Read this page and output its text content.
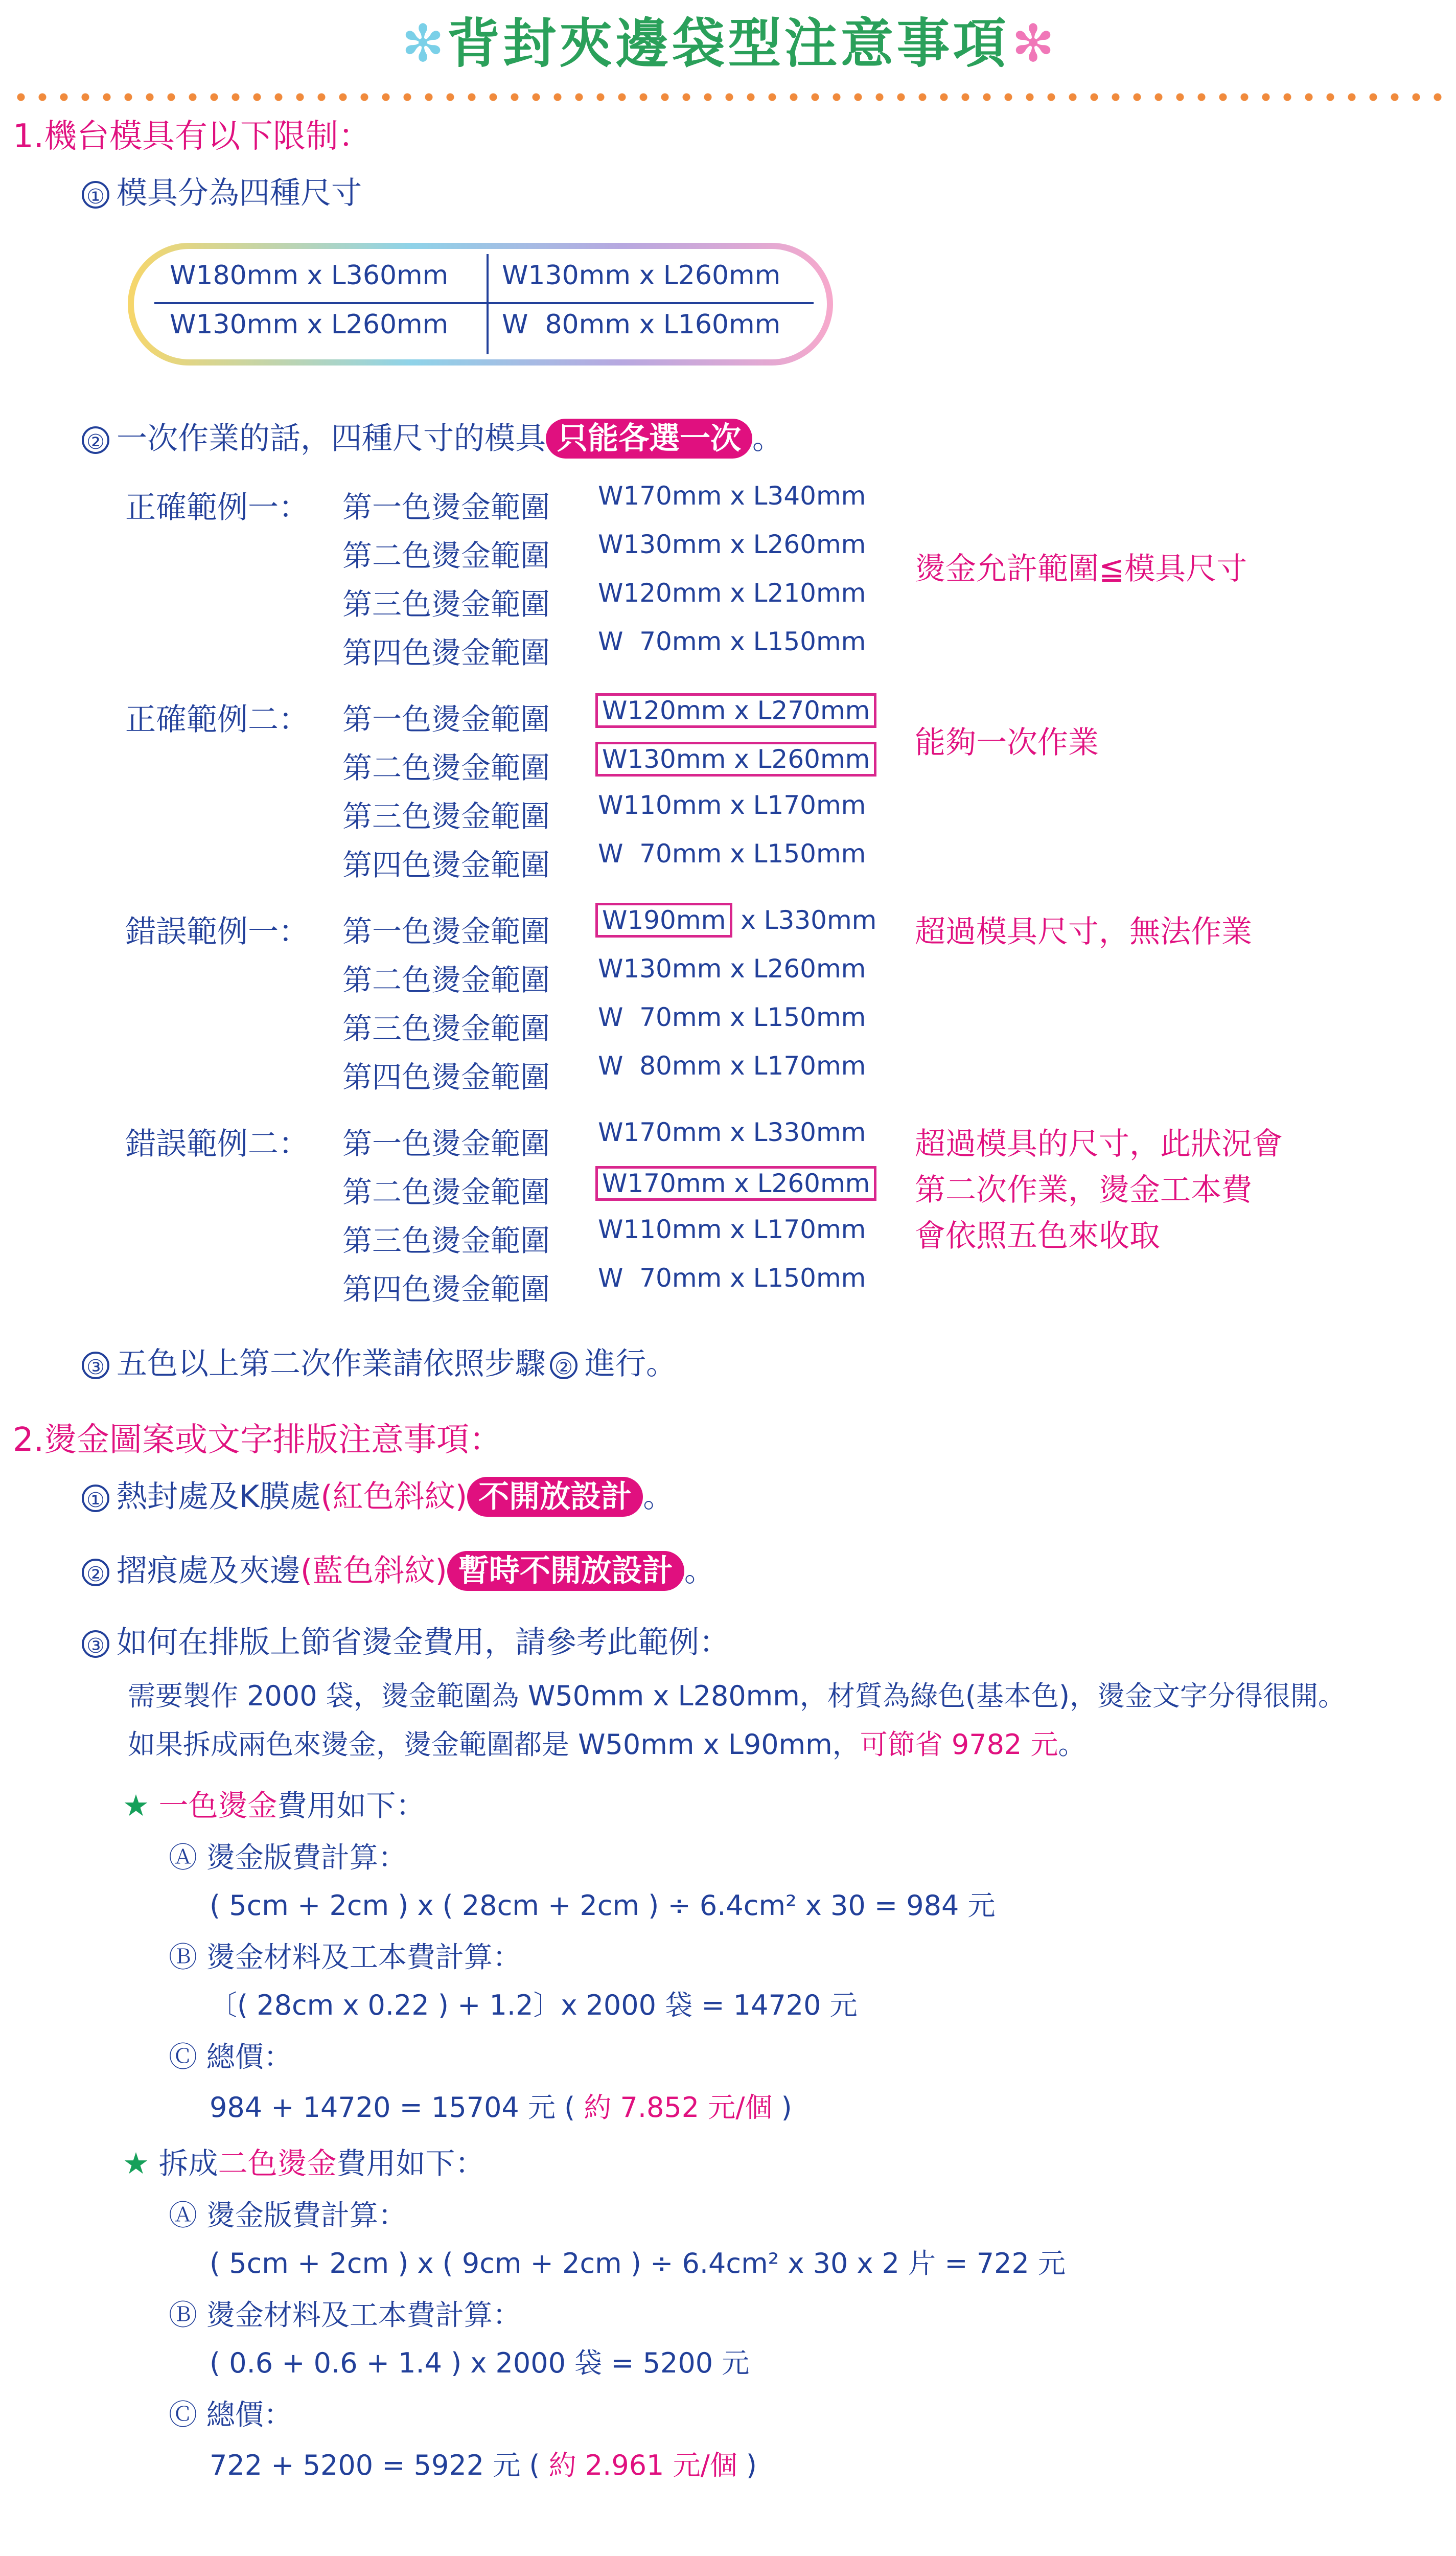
✻ 背封夾邊袋型注意事項 ✻
1.機台模具有以下限制：
① 模具分為四種尺寸
W180mm x L360mm W130mm x L260mm
W130mm x L260mm W  80mm x L160mm
② 一次作業的話，四種尺寸的模具 只能各選一次 。
正確範例一： 第一色燙金範圍 W170mm x L340mm
第二色燙金範圍 W130mm x L260mm
第三色燙金範圍 W120mm x L210mm
第四色燙金範圍 W  70mm x L150mm
燙金允許範圍≦模具尺寸
正確範例二： 第一色燙金範圍 W120mm x L270mm
第二色燙金範圍 W130mm x L260mm
第三色燙金範圍 W110mm x L170mm
第四色燙金範圍 W  70mm x L150mm
能夠一次作業
錯誤範例一： 第一色燙金範圍 W190mm x L330mm
第二色燙金範圍 W130mm x L260mm
第三色燙金範圍 W  70mm x L150mm
第四色燙金範圍 W  80mm x L170mm
超過模具尺寸，無法作業
錯誤範例二： 第一色燙金範圍 W170mm x L330mm
第二色燙金範圍 W170mm x L260mm
第三色燙金範圍 W110mm x L170mm
第四色燙金範圍 W  70mm x L150mm
超過模具的尺寸，此狀況會
第二次作業，燙金工本費
會依照五色來收取
③ 五色以上第二次作業請依照步驟 ② 進行。
2.燙金圖案或文字排版注意事項：
① 熱封處及K膜處(紅色斜紋) 不開放設計 。
② 摺痕處及夾邊(藍色斜紋) 暫時不開放設計 。
③ 如何在排版上節省燙金費用，請參考此範例：
需要製作 2000 袋，燙金範圍為 W50mm x L280mm，材質為綠色(基本色)，燙金文字分得很開。
如果拆成兩色來燙金，燙金範圍都是 W50mm x L90mm，可節省 9782 元。
★ 一色燙金費用如下：
Ⓐ 燙金版費計算：
( 5cm + 2cm ) x ( 28cm + 2cm ) ÷ 6.4cm² x 30 = 984 元
Ⓑ 燙金材料及工本費計算：
〔( 28cm x 0.22 ) + 1.2〕x 2000 袋 = 14720 元
Ⓒ 總價：
984 + 14720 = 15704 元 ( 約 7.852 元/個 )
★ 拆成二色燙金費用如下：
Ⓐ 燙金版費計算：
( 5cm + 2cm ) x ( 9cm + 2cm ) ÷ 6.4cm² x 30 x 2 片 = 722 元
Ⓑ 燙金材料及工本費計算：
( 0.6 + 0.6 + 1.4 ) x 2000 袋 = 5200 元
Ⓒ 總價：
722 + 5200 = 5922 元 ( 約 2.961 元/個 )
